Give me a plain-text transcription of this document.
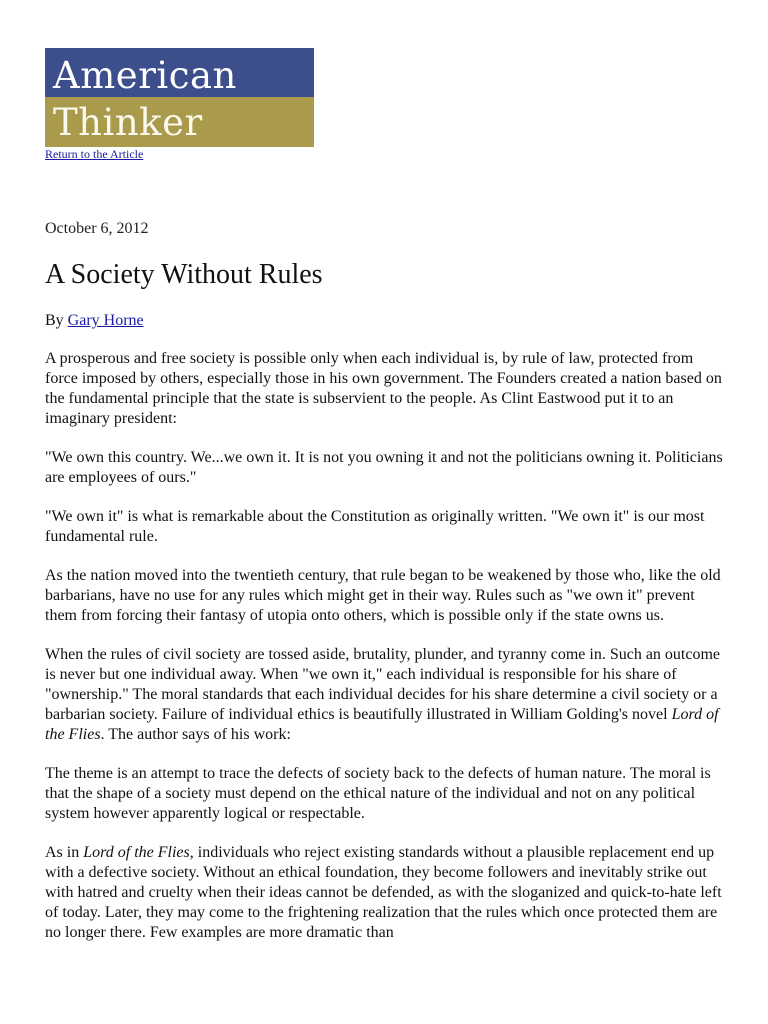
American
Thinker
Return to the Article
October 6, 2012
A Society Without Rules
By Gary Horne

A prosperous and free society is possible only when each individual is, by rule of law, protected from force imposed by others, especially those in his own government. The Founders created a nation based on the fundamental principle that the state is subservient to the people. As Clint Eastwood put it to an imaginary president:

"We own this country. We...we own it. It is not you owning it and not the politicians owning it. Politicians are employees of ours."

"We own it" is what is remarkable about the Constitution as originally written. "We own it" is our most fundamental rule.

As the nation moved into the twentieth century, that rule began to be weakened by those who, like the old barbarians, have no use for any rules which might get in their way. Rules such as "we own it" prevent them from forcing their fantasy of utopia onto others, which is possible only if the state owns us.

When the rules of civil society are tossed aside, brutality, plunder, and tyranny come in. Such an outcome is never but one individual away. When "we own it," each individual is responsible for his share of "ownership." The moral standards that each individual decides for his share determine a civil society or a barbarian society. Failure of individual ethics is beautifully illustrated in William Golding's novel Lord of the Flies. The author says of his work:

The theme is an attempt to trace the defects of society back to the defects of human nature. The moral is that the shape of a society must depend on the ethical nature of the individual and not on any political system however apparently logical or respectable.

As in Lord of the Flies, individuals who reject existing standards without a plausible replacement end up with a defective society. Without an ethical foundation, they become followers and inevitably strike out with hatred and cruelty when their ideas cannot be defended, as with the sloganized and quick-to-hate left of today. Later, they may come to the frightening realization that the rules which once protected them are no longer there. Few examples are more dramatic than
